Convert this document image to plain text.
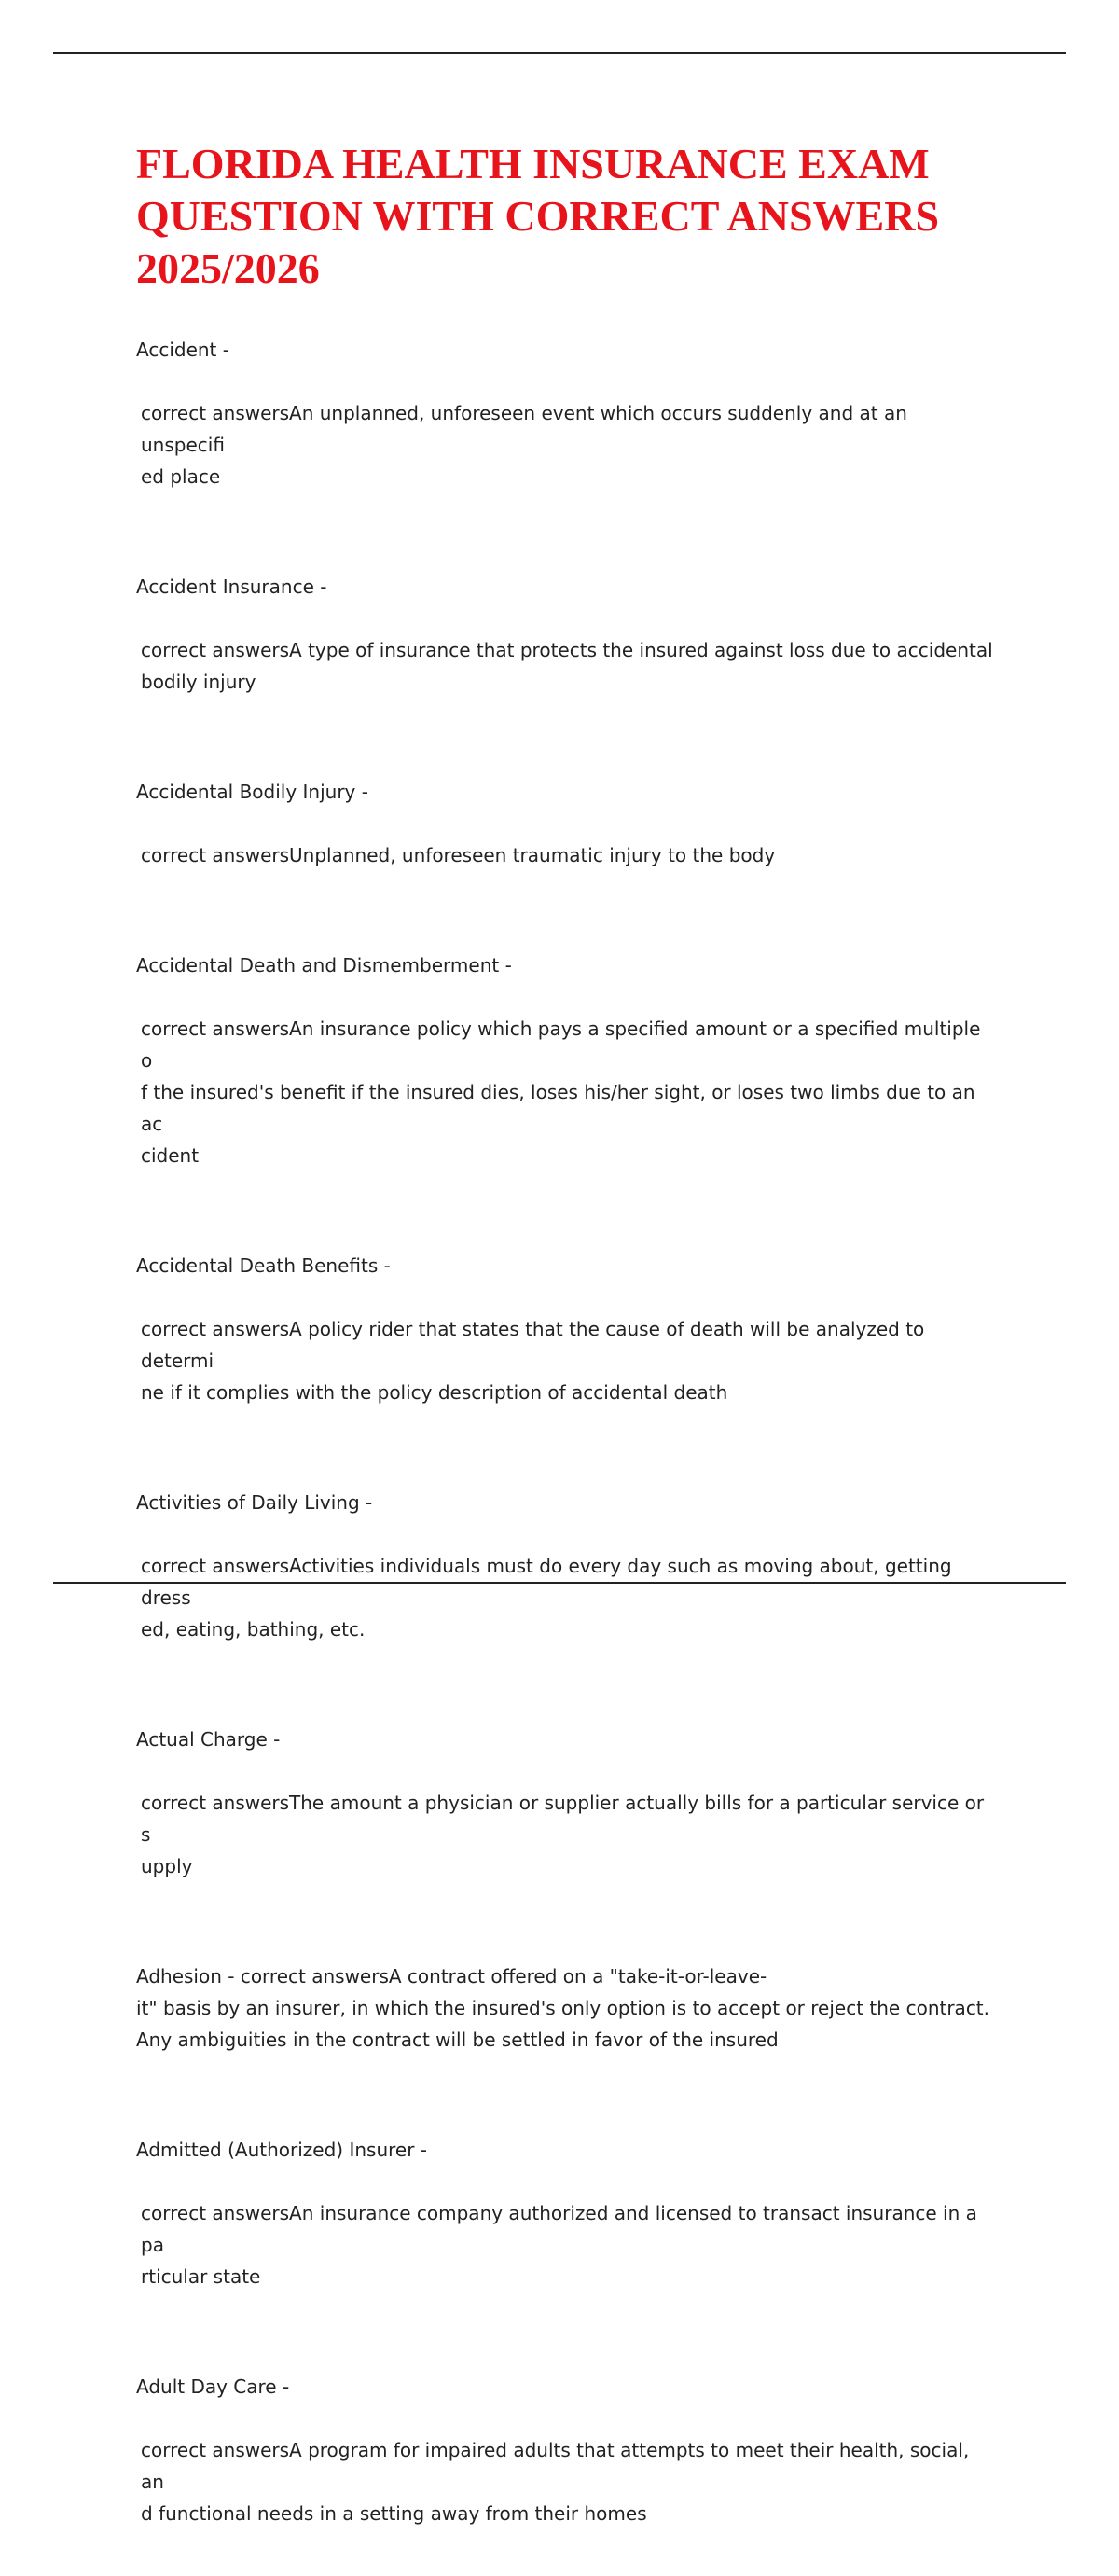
FLORIDA HEALTH INSURANCE EXAM
QUESTION WITH CORRECT ANSWERS
2025/2026

Accident -

correct answersAn unplanned, unforeseen event which occurs suddenly and at an unspecifi
ed place

Accident Insurance -

correct answersA type of insurance that protects the insured against loss due to accidental
bodily injury

Accidental Bodily Injury -

correct answersUnplanned, unforeseen traumatic injury to the body

Accidental Death and Dismemberment -

correct answersAn insurance policy which pays a specified amount or a specified multiple o
f the insured's benefit if the insured dies, loses his/her sight, or loses two limbs due to an ac
cident

Accidental Death Benefits -

correct answersA policy rider that states that the cause of death will be analyzed to determi
ne if it complies with the policy description of accidental death

Activities of Daily Living -

correct answersActivities individuals must do every day such as moving about, getting dress
ed, eating, bathing, etc.

Actual Charge -

correct answersThe amount a physician or supplier actually bills for a particular service or s
upply

Adhesion - correct answersA contract offered on a "take-it-or-leave-
it" basis by an insurer, in which the insured's only option is to accept or reject the contract.
Any ambiguities in the contract will be settled in favor of the insured

Admitted (Authorized) Insurer -

correct answersAn insurance company authorized and licensed to transact insurance in a pa
rticular state

Adult Day Care -

correct answersA program for impaired adults that attempts to meet their health, social, an
d functional needs in a setting away from their homes
